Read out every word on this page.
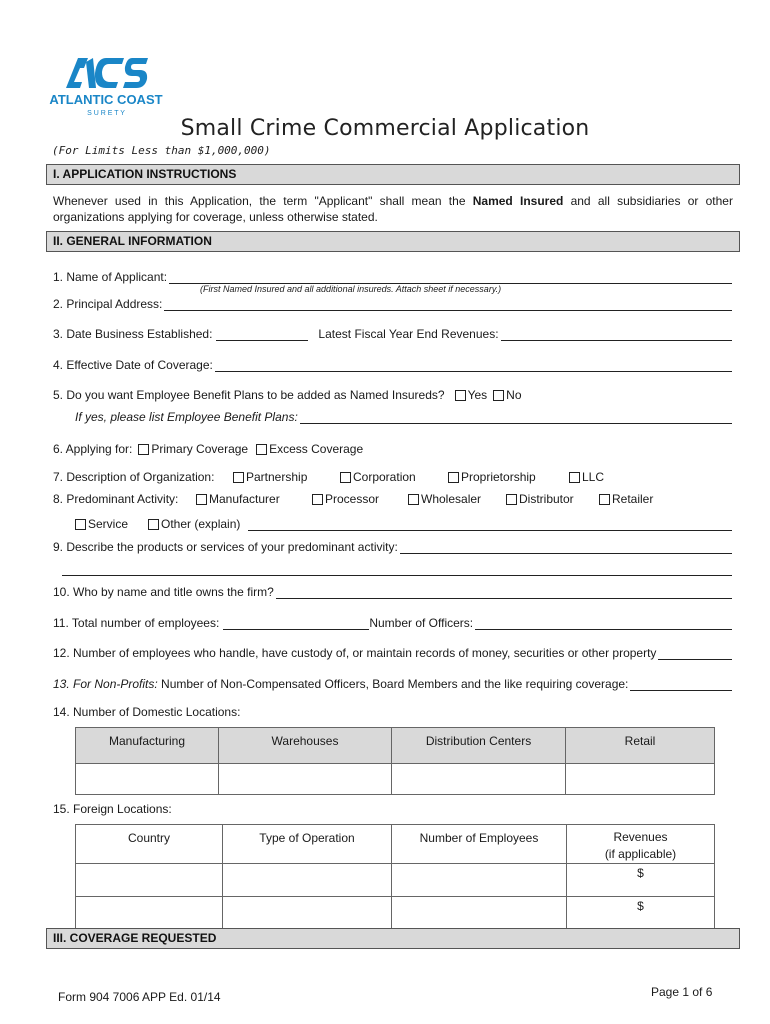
ATLANTIC COAST
S U R E T Y
Small Crime Commercial Application
(For Limits Less than $1,000,000)
I. APPLICATION INSTRUCTIONS
Whenever used in this Application, the term "Applicant" shall mean the Named Insured and all subsidiaries or other organizations applying for coverage, unless otherwise stated.
II. GENERAL INFORMATION
1. Name of Applicant:
(First Named Insured and all additional insureds. Attach sheet if necessary.)
2. Principal Address:
3. Date Business Established:	Latest Fiscal Year End Revenues:
4. Effective Date of Coverage:
5. Do you want Employee Benefit Plans to be added as Named Insureds? Yes No
If yes, please list Employee Benefit Plans:
6. Applying for: Primary Coverage Excess Coverage
7. Description of Organization:	Partnership	Corporation	Proprietorship	LLC
8. Predominant Activity:	Manufacturer	Processor	Wholesaler	Distributor	Retailer
Service	Other (explain)
9. Describe the products or services of your predominant activity:
10. Who by name and title owns the firm?
11. Total number of employees:	Number of Officers:
12. Number of employees who handle, have custody of, or maintain records of money, securities or other property
13. For Non-Profits: Number of Non-Compensated Officers, Board Members and the like requiring coverage:
14. Number of Domestic Locations:
Manufacturing	Warehouses	Distribution Centers	Retail

15. Foreign Locations:
Country	Type of Operation	Number of Employees	Revenues
(if applicable)
			$
			$
III. COVERAGE REQUESTED
Form 904 7006 APP Ed. 01/14	Page 1 of 6
